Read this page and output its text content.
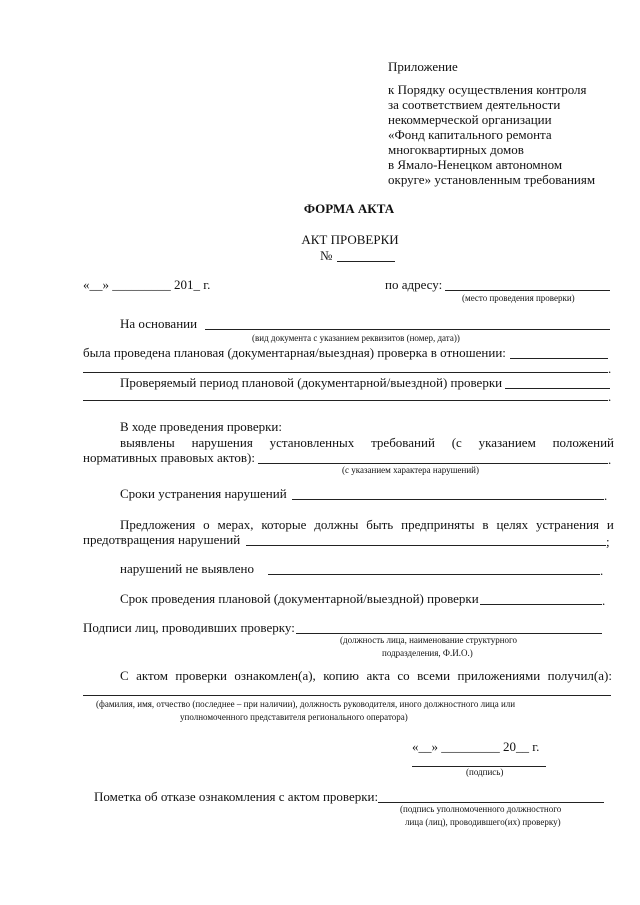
Приложение
к Порядку осуществления контроля
за соответствием деятельности
некоммерческой организации
«Фонд капитального ремонта
многоквартирных домов
в Ямало-Ненецком автономном
округе» установленным требованиям
ФОРМА АКТА
АКТ ПРОВЕРКИ
№
«__» _________ 201_ г.	по адресу:
(место проведения проверки)
На основании
(вид документа с указанием реквизитов (номер, дата))
была проведена плановая (документарная/выездная) проверка в отношении:
.
Проверяемый период плановой (документарной/выездной) проверки
.
В ходе проведения проверки:
выявлены нарушения установленных требований (с указанием положений
нормативных правовых актов):	.
(с указанием характера нарушений)
Сроки устранения нарушений	.
Предложения о мерах, которые должны быть предприняты в целях устранения и
предотвращения нарушений	;
нарушений не выявлено	.
Срок проведения плановой (документарной/выездной) проверки	.
Подписи лиц, проводивших проверку:
(должность лица, наименование структурного
подразделения, Ф.И.О.)
С актом проверки ознакомлен(а), копию акта со всеми приложениями получил(а):
(фамилия, имя, отчество (последнее – при наличии), должность руководителя, иного должностного лица или
уполномоченного представителя регионального оператора)
«__» _________ 20__ г.
(подпись)
Пометка об отказе ознакомления с актом проверки:
(подпись уполномоченного должностного
лица (лиц), проводившего(их) проверку)
